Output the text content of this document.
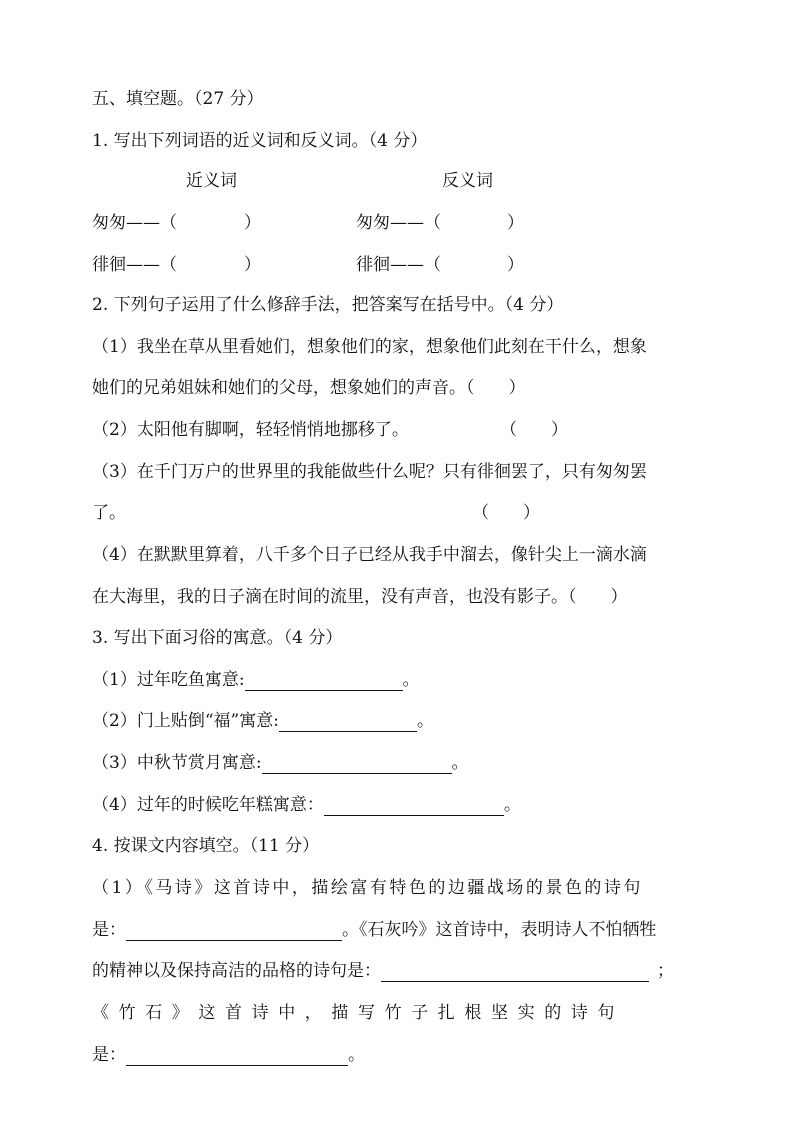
五、填空题。（27 分）
1. 写出下列词语的近义词和反义词。（4 分）
近义词	反义词
匆匆——（	）	匆匆——（	）
徘徊——（	）	徘徊——（	）
2. 下列句子运用了什么修辞手法，把答案写在括号中。（4 分）
（1）我坐在草从里看她们，想象他们的家，想象他们此刻在干什么，想象
她们的兄弟姐妹和她们的父母，想象她们的声音。（　　）
（2）太阳他有脚啊，轻轻悄悄地挪移了。	（　　）
（3）在千门万户的世界里的我能做些什么呢？只有徘徊罢了，只有匆匆罢
了。	（　　）
（4）在默默里算着，八千多个日子已经从我手中溜去，像针尖上一滴水滴
在大海里，我的日子滴在时间的流里，没有声音，也没有影子。（　　）
3. 写出下面习俗的寓意。（4 分）
（1）过年吃鱼寓意:	。
（2）门上贴倒“福”寓意:	。
（3）中秋节赏月寓意:	。
（4）过年的时候吃年糕寓意：	。
4. 按课文内容填空。（11 分）
（1）《马诗》这首诗中，描绘富有特色的边疆战场的景色的诗句
是：	。《石灰吟》这首诗中，表明诗人不怕牺牲
的精神以及保持高洁的品格的诗句是：	；
《竹石》这首诗中，描写竹子扎根坚实的诗句
是：	。
